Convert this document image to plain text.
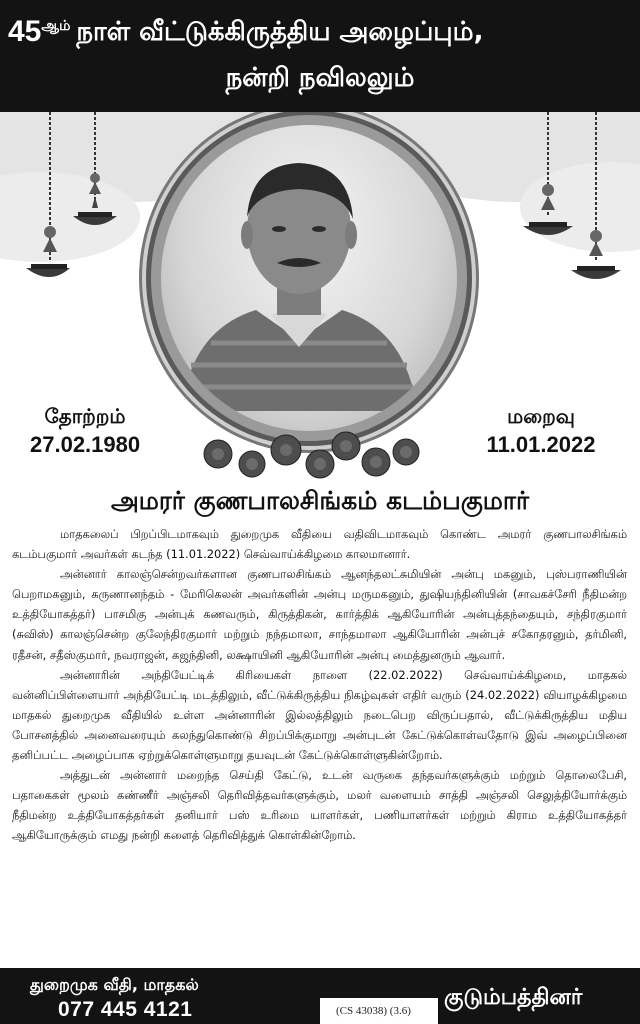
45 ஆம் நாள் வீட்டுக்கிருத்திய அழைப்பும்,
நன்றி நவிலலும்
தோற்றம்
27.02.1980
மறைவு
11.01.2022
அமரர் குணபாலசிங்கம் கடம்பகுமார்

மாதகலைப் பிறப்பிடமாகவும் துறைமுக வீதியை வதிவிடமாகவும் கொண்ட அமரர் குணபாலசிங்கம் கடம்பகுமார் அவர்கள் கடந்த (11.01.2022) செவ்வாய்க்கிழமை காலமானார்.

அன்னார் காலஞ்சென்றவர்களான குணபாலசிங்கம் ஆனந்தலட்சுமியின் அன்பு மகனும், புஸ்பராணியின் பெறாமகனும், கருணானந்தம் - மேரிகெலன் அவர்களின் அன்பு மருமகனும், துஷியந்தினியின் (சாவகச்சேரி நீதிமன்ற உத்தியோகத்தர்) பாசமிகு அன்புக் கணவரும், கிருத்திகன், கார்த்திக் ஆகியோரின் அன்புத்தந்தையும், சந்திரகுமார் (சுவிஸ்) காலஞ்சென்ற குலேந்திரகுமார் மற்றும் நந்தமாலா, சாந்தமாலா ஆகியோரின் அன்புச் சகோதரனும், தர்மினி, ரதீசன், சதீஸ்குமார், நவராஜன், கஜந்தினி, லக்ஷாயினி ஆகியோரின் அன்பு மைத்துனரும் ஆவார்.

அன்னாரின் அந்தியேட்டிக் கிரியைகள் நாளை (22.02.2022) செவ்வாய்க்கிழமை, மாதகல் வன்னிப்பிள்ளையார் அந்தியேட்டி மடத்திலும், வீட்டுக்கிருத்திய நிகழ்வுகள் எதிர் வரும் (24.02.2022) வியாழக்கிழமை மாதகல் துறைமுக வீதியில் உள்ள அன்னாரின் இல்லத்திலும் நடைபெற விருப்பதால், வீட்டுக்கிருத்திய மதிய போசனத்தில் அனைவரையும் கலந்துகொண்டு சிறப்பிக்குமாறு அன்புடன் கேட்டுக்கொள்வதோடு இவ் அழைப்பினை தனிப்பட்ட அழைப்பாக ஏற்றுக்கொள்ளுமாறு தயவுடன் கேட்டுக்கொள்ளுகின்றோம்.

அத்துடன் அன்னார் மறைந்த செய்தி கேட்டு, உடன் வருகை தந்தவர்களுக்கும் மற்றும் தொலைபேசி, பதாகைகள் மூலம் கண்ணீர் அஞ்சலி தெரிவித்தவர்களுக்கும், மலர் வளையம் சாத்தி அஞ்சலி செலுத்தியோர்க்கும் நீதிமன்ற உத்தியோகத்தர்கள் தனியார் பஸ் உரிமை யாளர்கள், பணியாளர்கள் மற்றும் கிராம உத்தியோகத்தர் ஆகியோருக்கும் எமது நன்றி களைத் தெரிவித்துக் கொள்கின்றோம்.

துறைமுக வீதி, மாதகல்
077 445 4121	குடும்பத்தினர்
(CS 43038) (3.6)
